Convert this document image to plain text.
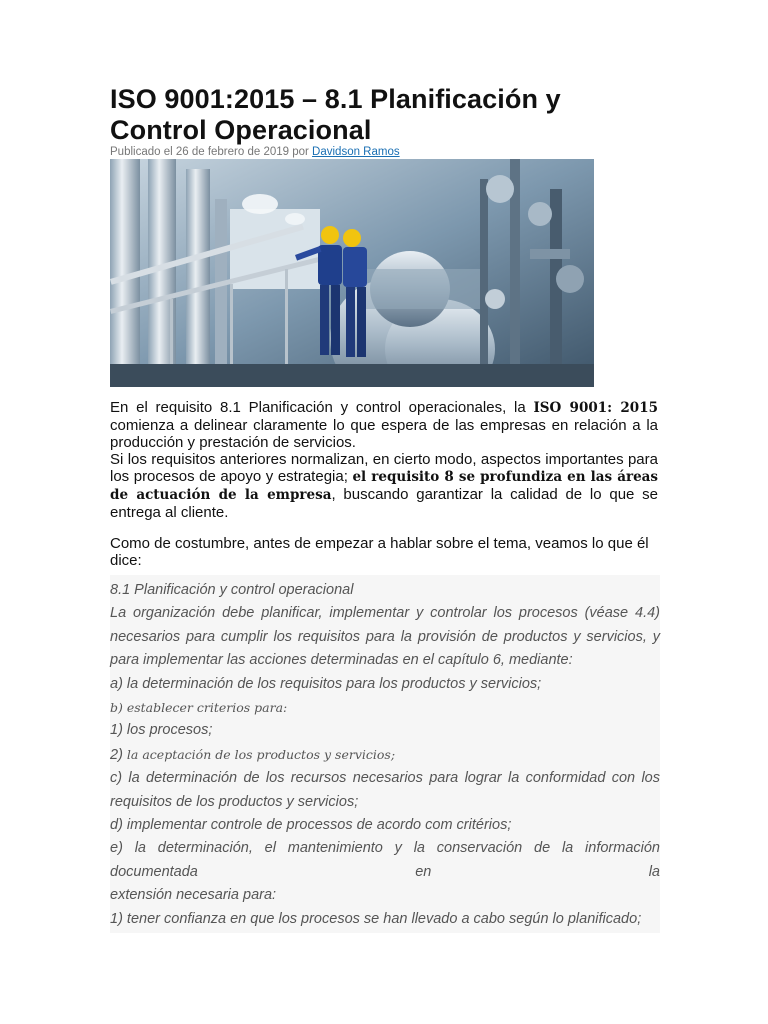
ISO 9001:2015 – 8.1 Planificación y Control Operacional
Publicado el 26 de febrero de 2019 por Davidson Ramos

En el requisito 8.1 Planificación y control operacionales, la ISO 9001: 2015 comienza a delinear claramente lo que espera de las empresas en relación a la producción y prestación de servicios.

Si los requisitos anteriores normalizan, en cierto modo, aspectos importantes para los procesos de apoyo y estrategia; el requisito 8 se profundiza en las áreas de actuación de la empresa, buscando garantizar la calidad de lo que se entrega al cliente.

Como de costumbre, antes de empezar a hablar sobre el tema, veamos lo que él dice:
8.1 Planificación y control operacional
La organización debe planificar, implementar y controlar los procesos (véase 4.4) necesarios para cumplir los requisitos para la provisión de productos y servicios, y para implementar las acciones determinadas en el capítulo 6, mediante:
a) la determinación de los requisitos para los productos y servicios;
b) establecer criterios para:
1) los procesos;
2) la aceptación de los productos y servicios;
c) la determinación de los recursos necesarios para lograr la conformidad con los requisitos de los productos y servicios;
d) implementar controle de processos de acordo com critérios;
e) la determinación, el mantenimiento y la conservación de la información documentada en la
extensión necesaria para:
1) tener confianza en que los procesos se han llevado a cabo según lo planificado;
